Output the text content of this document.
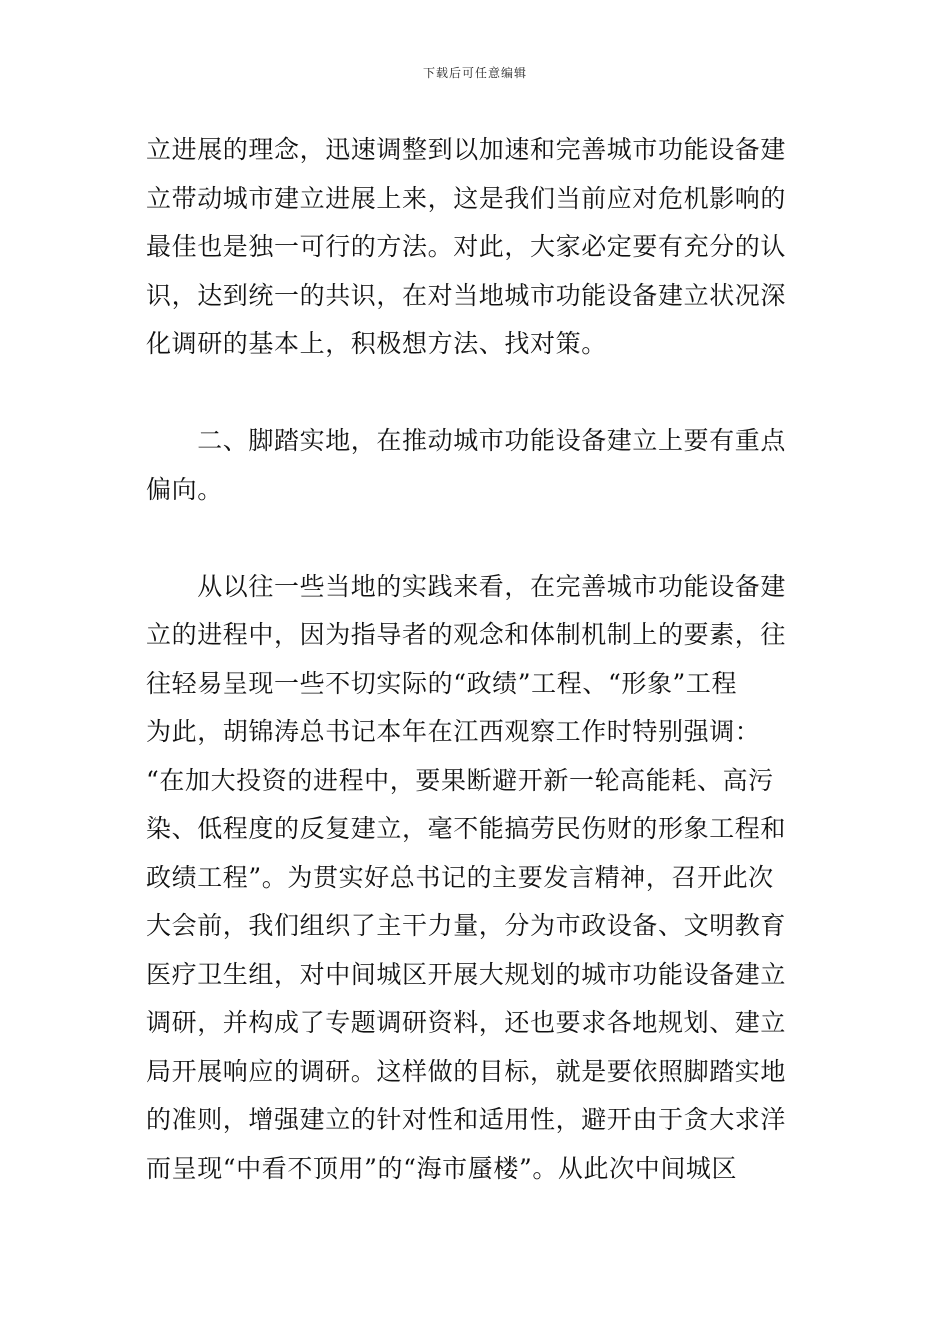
下载后可任意编辑
立进展的理念，迅速调整到以加速和完善城市功能设备建
立带动城市建立进展上来，这是我们当前应对危机影响的
最佳也是独一可行的方法。对此，大家必定要有充分的认
识，达到统一的共识，在对当地城市功能设备建立状况深
化调研的基本上，积极想方法、找对策。
　　二、脚踏实地，在推动城市功能设备建立上要有重点
偏向。
　　从以往一些当地的实践来看，在完善城市功能设备建
立的进程中，因为指导者的观念和体制机制上的要素，往
往轻易呈现一些不切实际的“政绩”工程、“形象”工程
为此，胡锦涛总书记本年在江西观察工作时特别强调：
“在加大投资的进程中，要果断避开新一轮高能耗、高污
染、低程度的反复建立，毫不能搞劳民伤财的形象工程和
政绩工程”。为贯实好总书记的主要发言精神，召开此次
大会前，我们组织了主干力量，分为市政设备、文明教育
医疗卫生组，对中间城区开展大规划的城市功能设备建立
调研，并构成了专题调研资料，还也要求各地规划、建立
局开展响应的调研。这样做的目标，就是要依照脚踏实地
的准则，增强建立的针对性和适用性，避开由于贪大求洋
而呈现“中看不顶用”的“海市蜃楼”。从此次中间城区
